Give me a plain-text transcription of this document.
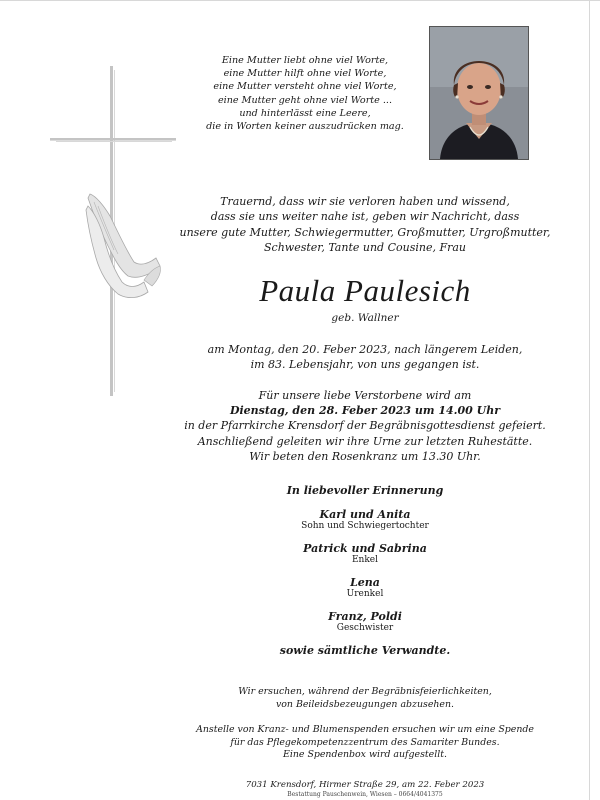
Eine Mutter liebt ohne viel Worte,
eine Mutter hilft ohne viel Worte,
eine Mutter versteht ohne viel Worte,
eine Mutter geht ohne viel Worte ...
und hinterlässt eine Leere,
die in Worten keiner auszudrücken mag.
Trauernd, dass wir sie verloren haben und wissend,
dass sie uns weiter nahe ist, geben wir Nachricht, dass
unsere gute Mutter, Schwiegermutter, Großmutter, Urgroßmutter,
Schwester, Tante und Cousine, Frau
Paula Paulesich
geb. Wallner
am Montag, den 20. Feber 2023, nach längerem Leiden,
im 83. Lebensjahr, von uns gegangen ist.
Für unsere liebe Verstorbene wird am
Dienstag, den 28. Feber 2023 um 14.00 Uhr
in der Pfarrkirche Krensdorf der Begräbnisgottesdienst gefeiert.
Anschließend geleiten wir ihre Urne zur letzten Ruhestätte.
Wir beten den Rosenkranz um 13.30 Uhr.
In liebevoller Erinnerung
Karl und Anita
Sohn und Schwiegertochter
Patrick und Sabrina
Enkel
Lena
Urenkel
Franz, Poldi
Geschwister
sowie sämtliche Verwandte.
Wir ersuchen, während der Begräbnisfeierlichkeiten,
von Beileidsbezeugungen abzusehen.
Anstelle von Kranz- und Blumenspenden ersuchen wir um eine Spende
für das Pflegekompetenzzentrum des Samariter Bundes.
Eine Spendenbox wird aufgestellt.
7031 Krensdorf, Hirmer Straße 29, am 22. Feber 2023
Bestattung Pauschenwein, Wiesen – 0664/4041375
